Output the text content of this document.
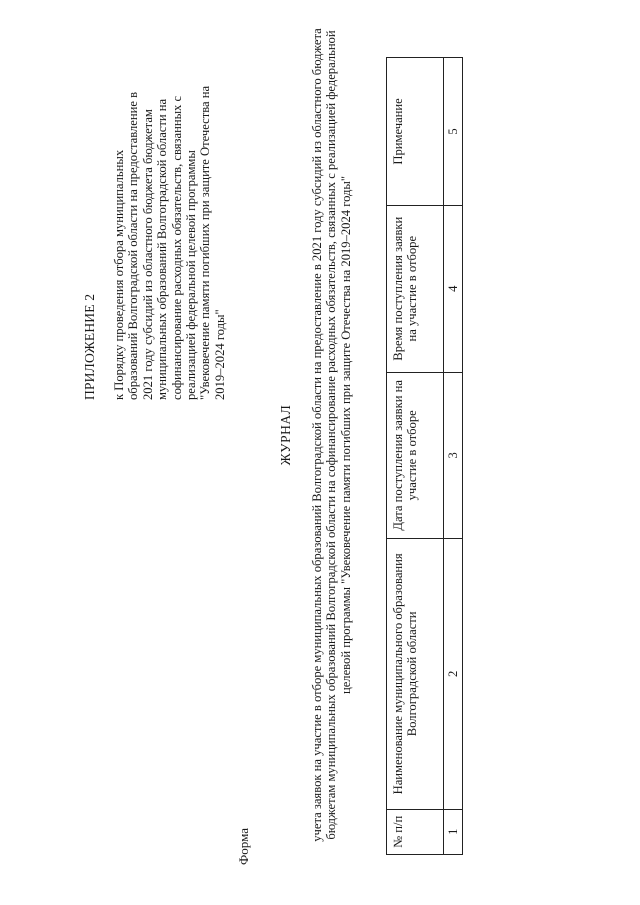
ПРИЛОЖЕНИЕ 2 к Порядку проведения отбора муниципальных образований Волгоградской области на предоставление в 2021 году субсидий из областного бюджета бюджетам муниципальных образований Волгоградской области на софинансирование расходных обязательств, связанных с реализацией федеральной целевой программы "Увековечение памяти погибших при защите Отечества на 2019–2024 годы"

Форма

ЖУРНАЛ учета заявок на участие в отборе муниципальных образований Волгоградской области на предоставление в 2021 году субсидий из областного бюджета бюджетам муниципальных образований Волгоградской области на софинансирование расходных обязательств, связанных с реализацией федеральной целевой программы "Увековечение памяти погибших при защите Отечества на 2019–2024 годы"

№ п/п	Наименование муниципального образования Волгоградской области	Дата поступления заявки на участие в отборе	Время поступления заявки на участие в отборе	Примечание
1	2	3	4	5
